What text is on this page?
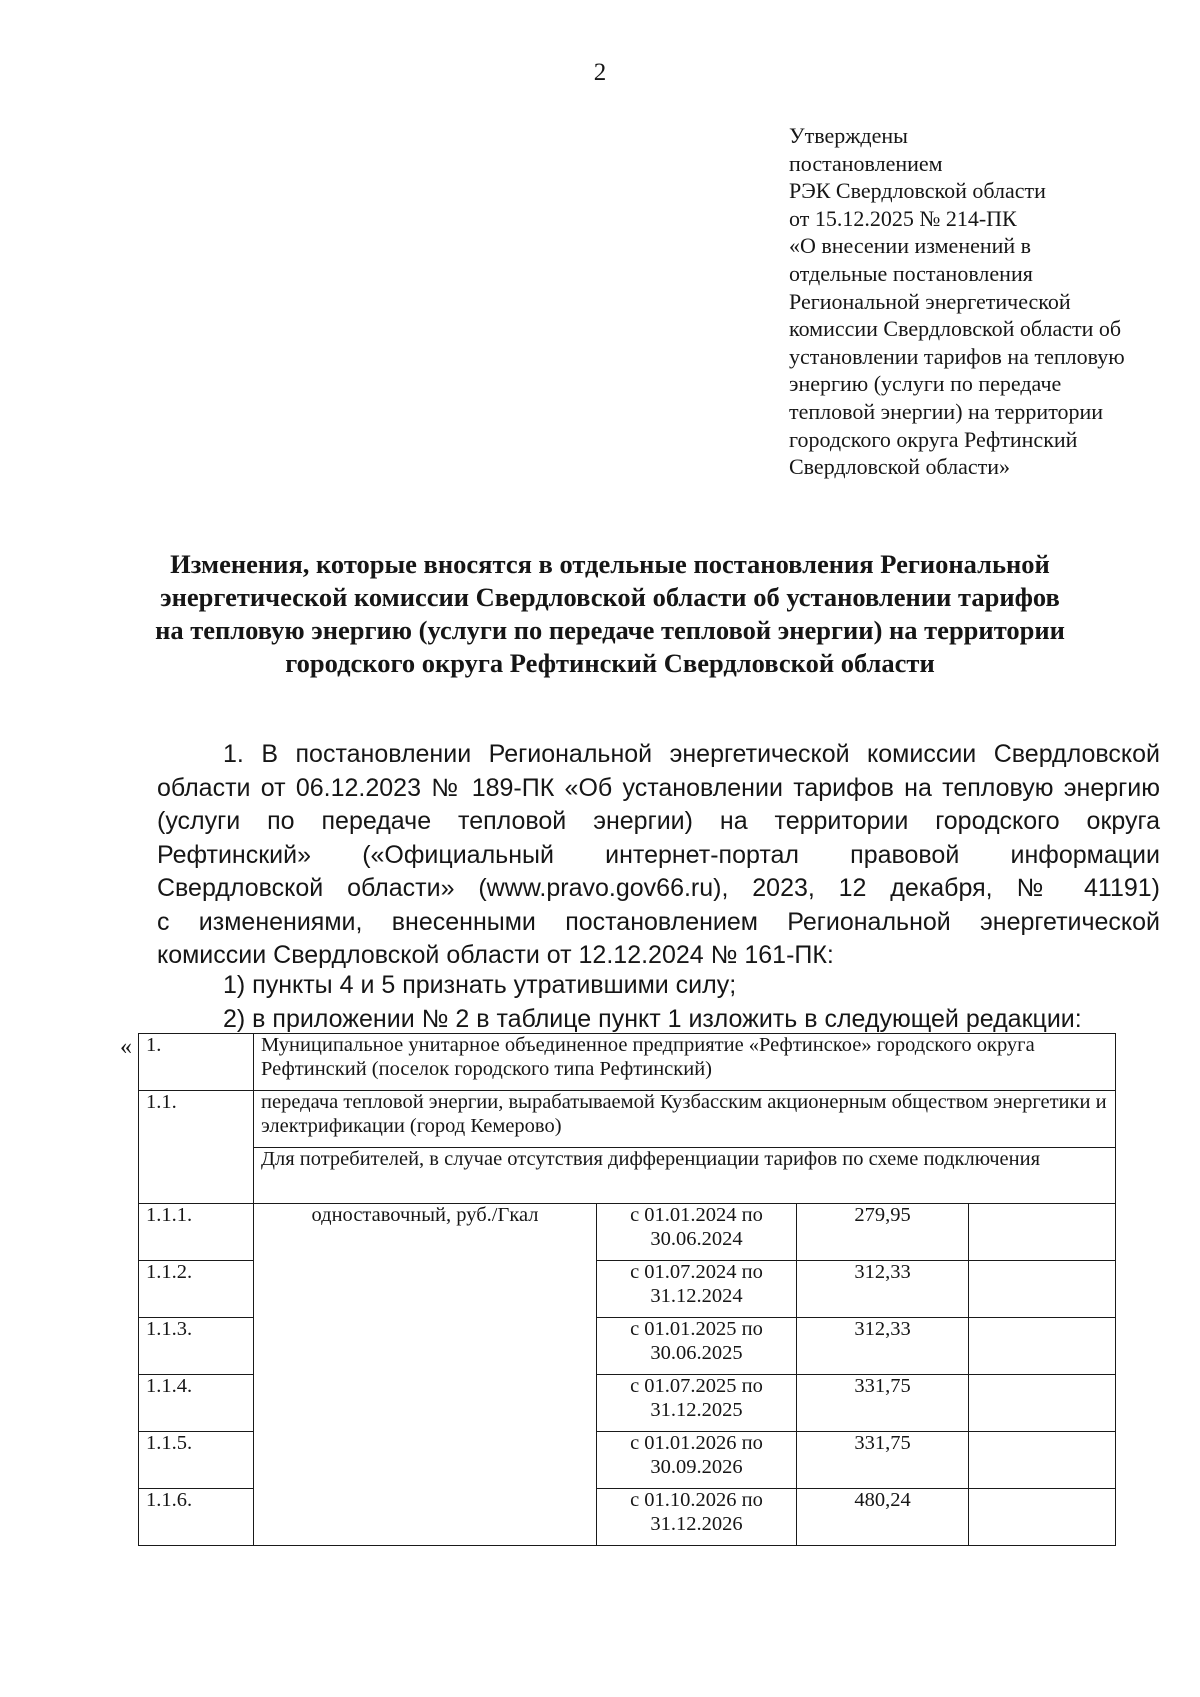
2
Утверждены
постановлением
РЭК Свердловской области
от 15.12.2025 № 214-ПК
«О внесении изменений в
отдельные постановления
Региональной энергетической
комиссии Свердловской области об
установлении тарифов на тепловую
энергию (услуги по передаче
тепловой энергии) на территории
городского округа Рефтинский
Свердловской области»
Изменения, которые вносятся в отдельные постановления Региональной
энергетической комиссии Свердловской области об установлении тарифов
на тепловую энергию (услуги по передаче тепловой энергии) на территории
городского округа Рефтинский Свердловской области
1. В постановлении Региональной энергетической комиссии Свердловской
области от 06.12.2023 № 189-ПК «Об установлении тарифов на тепловую энергию
(услуги по передаче тепловой энергии) на территории городского округа
Рефтинский» («Официальный интернет-портал правовой информации
Свердловской области» (www.pravo.gov66.ru), 2023, 12 декабря, № 41191)
с изменениями, внесенными постановлением Региональной энергетической
комиссии Свердловской области от 12.12.2024 № 161-ПК:
1) пункты 4 и 5 признать утратившими силу;
2) в приложении № 2 в таблице пункт 1 изложить в следующей редакции:
« 1.	Муниципальное унитарное объединенное предприятие «Рефтинское» городского округа Рефтинский (поселок городского типа Рефтинский)			
1.1.	передача тепловой энергии, вырабатываемой Кузбасским акционерным обществом энергетики и электрификации (город Кемерово)			
	Для потребителей, в случае отсутствия дифференциации тарифов по схеме подключения			
1.1.1.	одноставочный, руб./Гкал	с 01.01.2024 по 30.06.2024	279,95	
1.1.2.		с 01.07.2024 по 31.12.2024	312,33	
1.1.3.		с 01.01.2025 по 30.06.2025	312,33	
1.1.4.		с 01.07.2025 по 31.12.2025	331,75	
1.1.5.		с 01.01.2026 по 30.09.2026	331,75	
1.1.6.		с 01.10.2026 по 31.12.2026	480,24	
